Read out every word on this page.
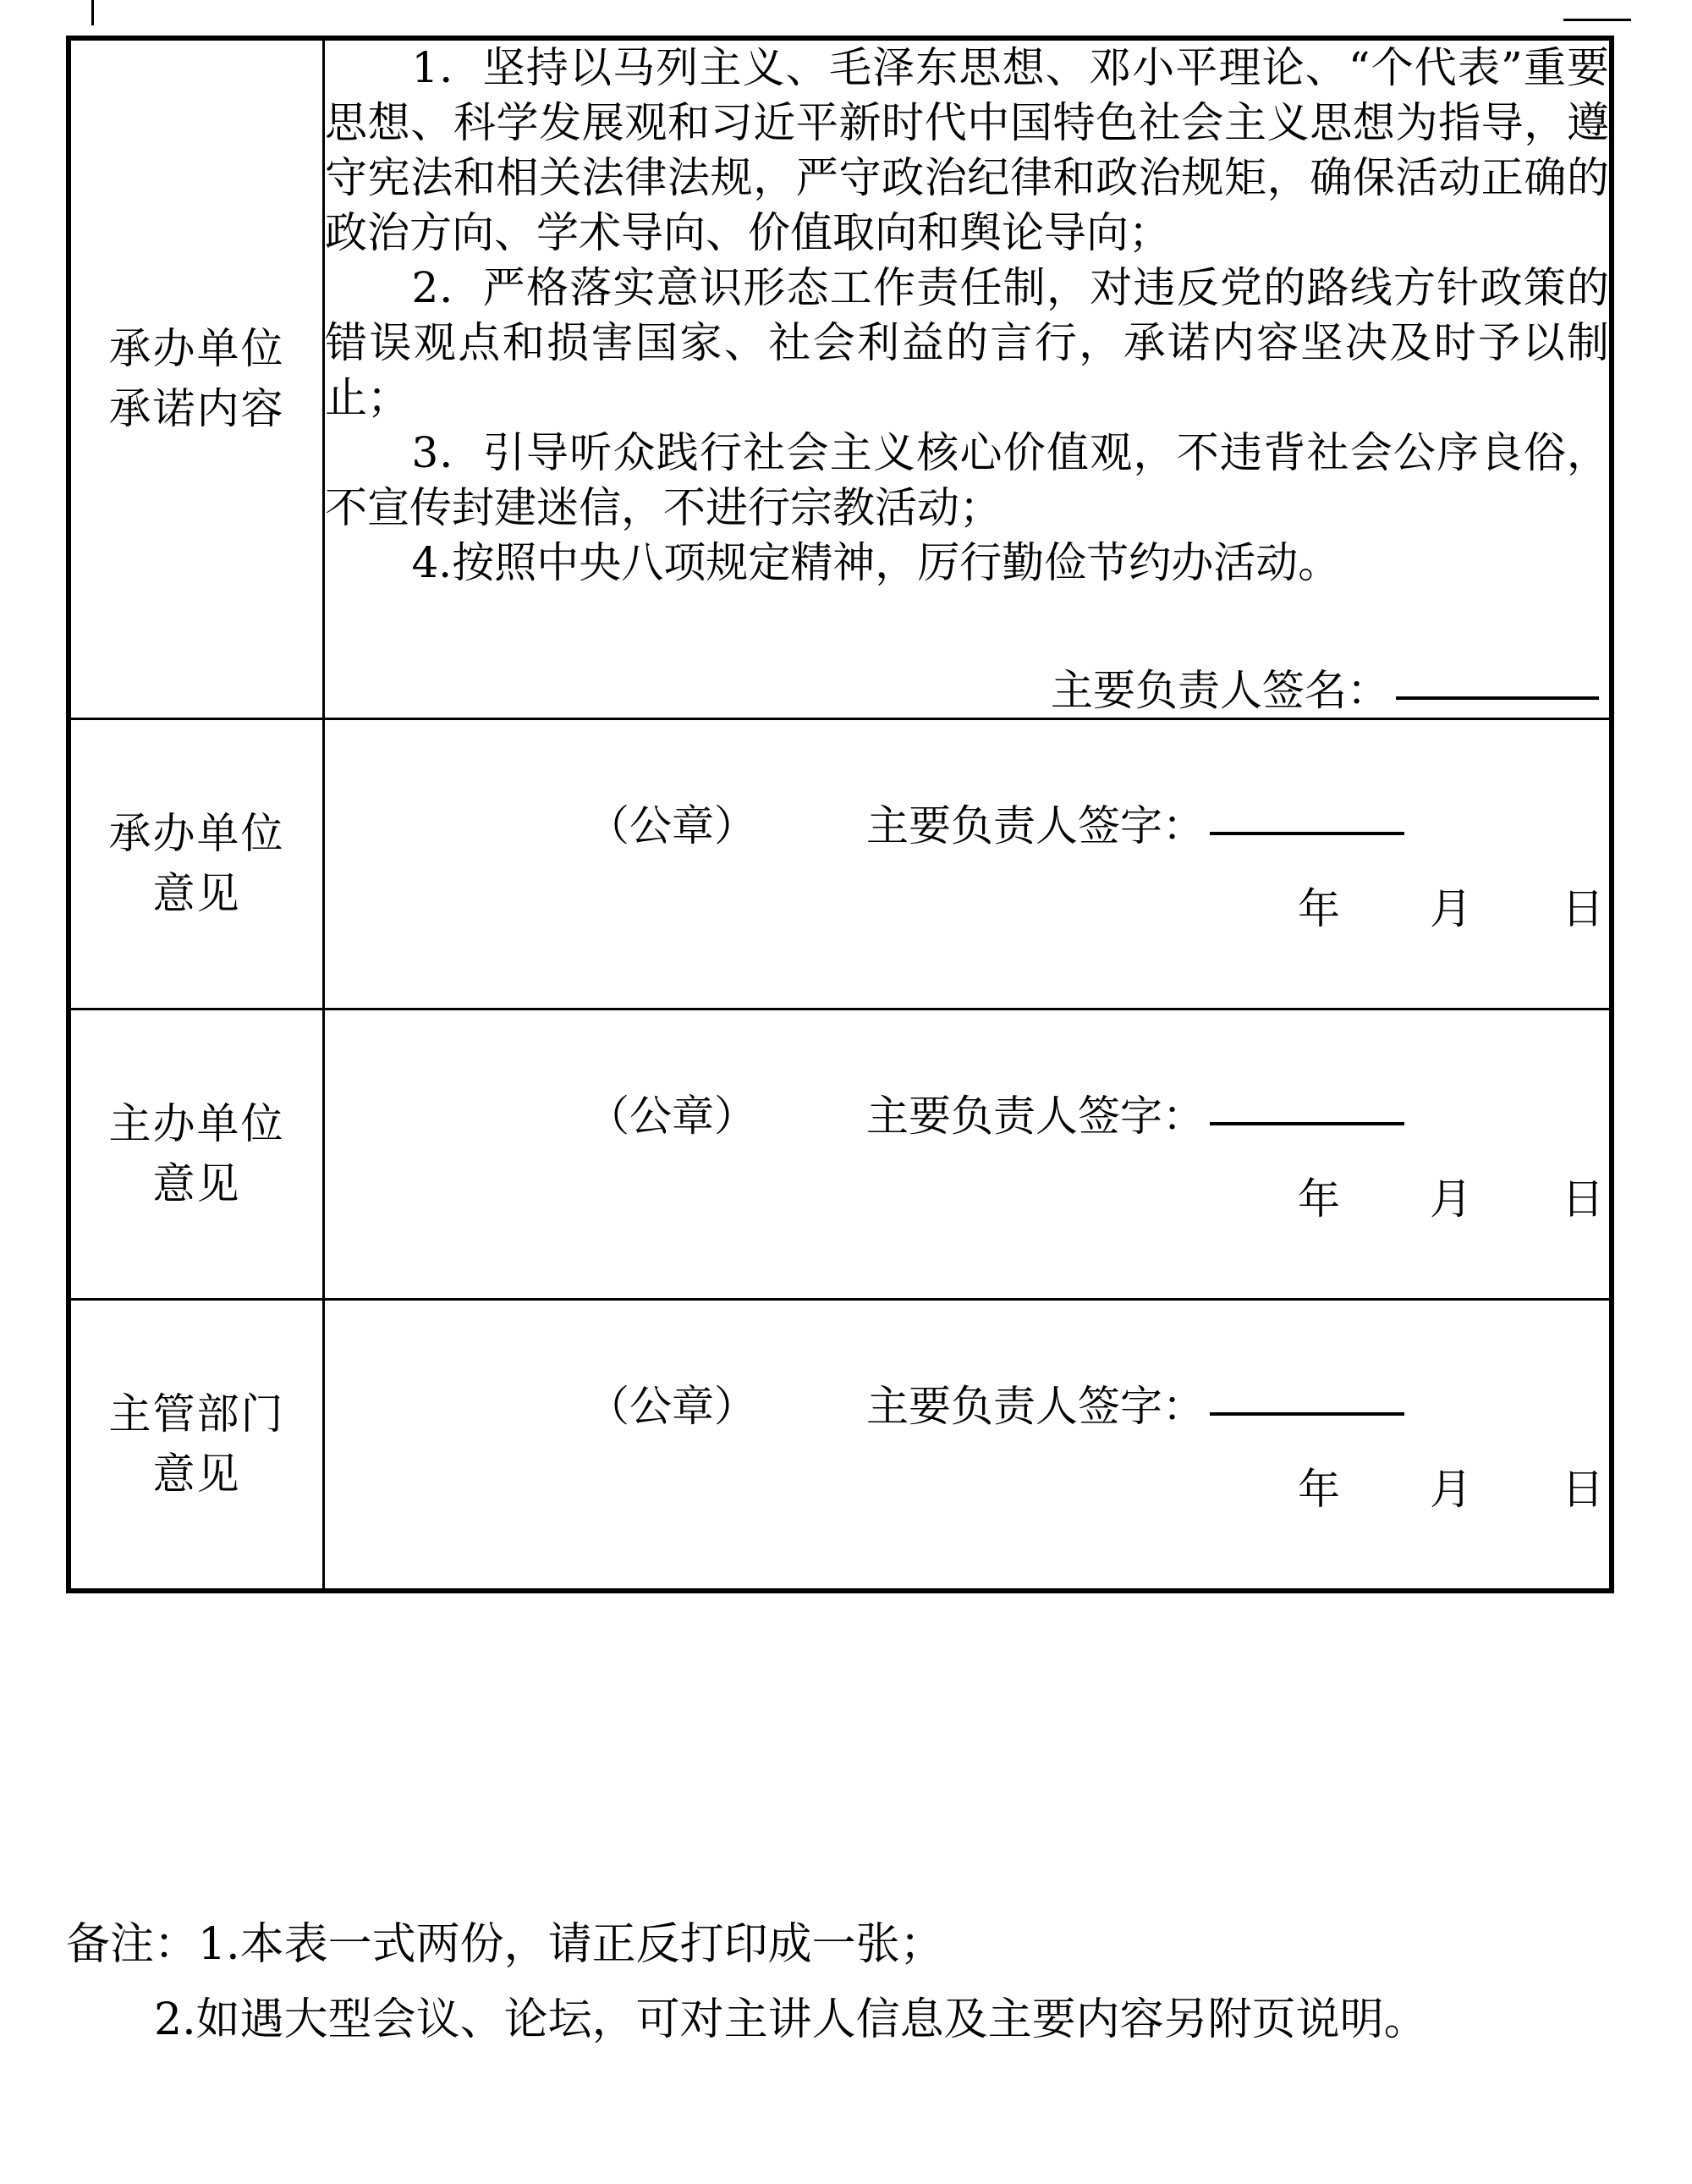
承办单位
承诺内容

1．坚持以马列主义、毛泽东思想、邓小平理论、“个代表”重要思想、科学发展观和习近平新时代中国特色社会主义思想为指导，遵守宪法和相关法律法规，严守政治纪律和政治规矩，确保活动正确的政治方向、学术导向、价值取向和舆论导向；

2．严格落实意识形态工作责任制，对违反党的路线方针政策的错误观点和损害国家、社会利益的言行，承诺内容坚决及时予以制止；

3．引导听众践行社会主义核心价值观，不违背社会公序良俗，不宣传封建迷信，不进行宗教活动；

4.按照中央八项规定精神，厉行勤俭节约办活动。

主要负责人签名：

承办单位
意见

（公章）	主要负责人签字：
年　月　日

主办单位
意见

（公章）	主要负责人签字：
年　月　日

主管部门
意见

（公章）	主要负责人签字：
年　月　日

备注：1.本表一式两份，请正反打印成一张；

2.如遇大型会议、论坛，可对主讲人信息及主要内容另附页说明。
